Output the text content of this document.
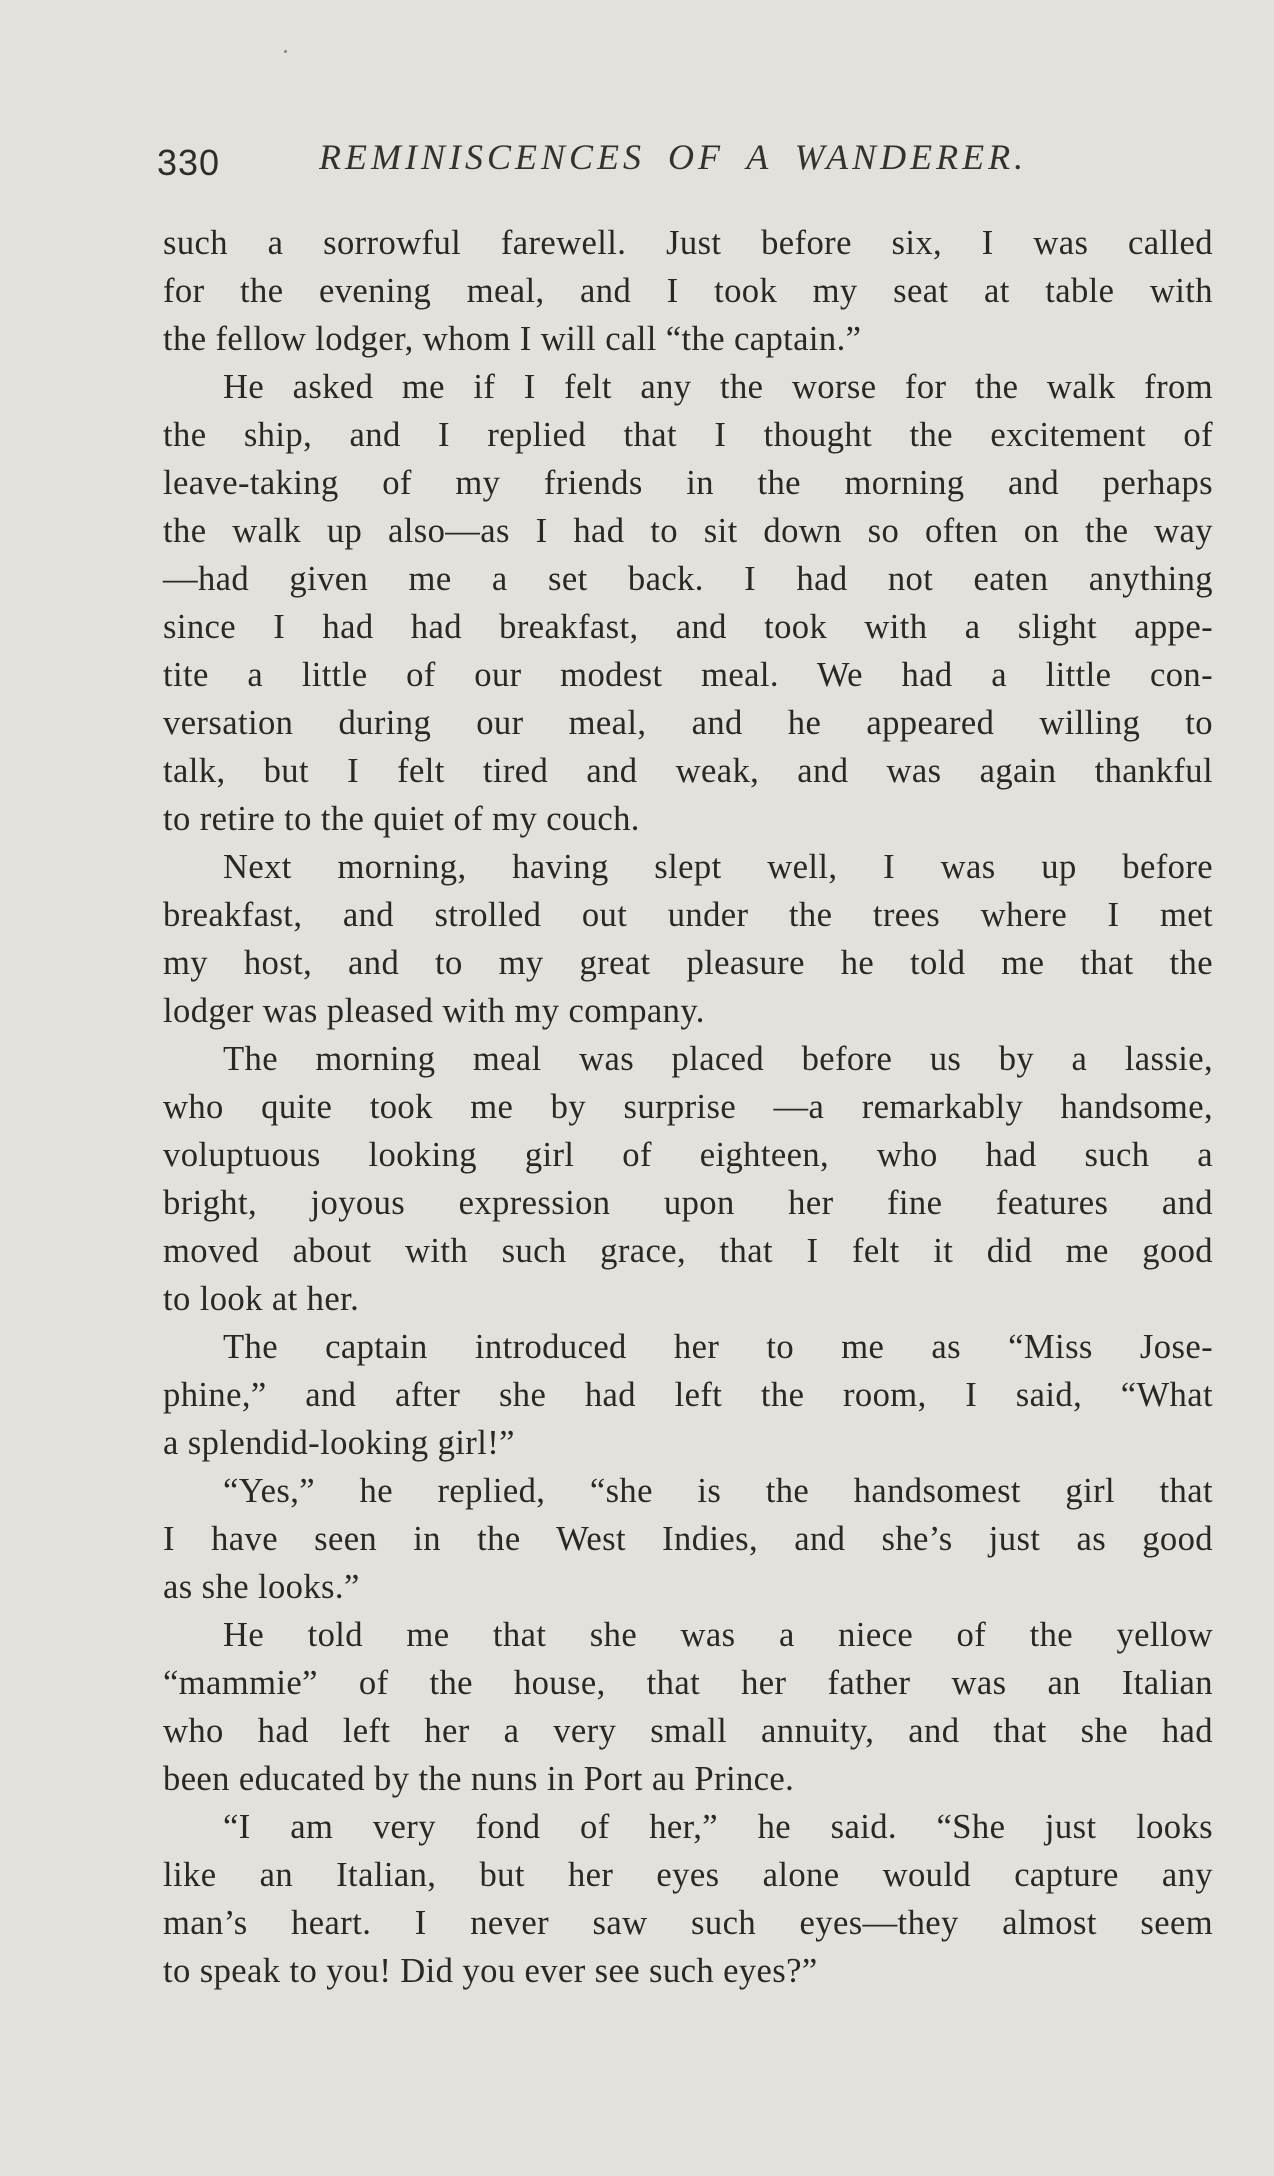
330	REMINISCENCES OF A WANDERER.
such a sorrowful farewell. Just before six, I was called
for the evening meal, and I took my seat at table with
the fellow lodger, whom I will call “the captain.”
He asked me if I felt any the worse for the walk from
the ship, and I replied that I thought the excitement of
leave-taking of my friends in the morning and perhaps
the walk up also—as I had to sit down so often on the way
—had given me a set back. I had not eaten anything
since I had had breakfast, and took with a slight appe-
tite a little of our modest meal. We had a little con-
versation during our meal, and he appeared willing to
talk, but I felt tired and weak, and was again thankful
to retire to the quiet of my couch.
Next morning, having slept well, I was up before
breakfast, and strolled out under the trees where I met
my host, and to my great pleasure he told me that the
lodger was pleased with my company.
The morning meal was placed before us by a lassie,
who quite took me by surprise —a remarkably handsome,
voluptuous looking girl of eighteen, who had such a
bright, joyous expression upon her fine features and
moved about with such grace, that I felt it did me good
to look at her.
The captain introduced her to me as “Miss Jose-
phine,” and after she had left the room, I said, “What
a splendid-looking girl!”
“Yes,” he replied, “she is the handsomest girl that
I have seen in the West Indies, and she’s just as good
as she looks.”
He told me that she was a niece of the yellow
“mammie” of the house, that her father was an Italian
who had left her a very small annuity, and that she had
been educated by the nuns in Port au Prince.
“I am very fond of her,” he said. “She just looks
like an Italian, but her eyes alone would capture any
man’s heart. I never saw such eyes—they almost seem
to speak to you! Did you ever see such eyes?”
